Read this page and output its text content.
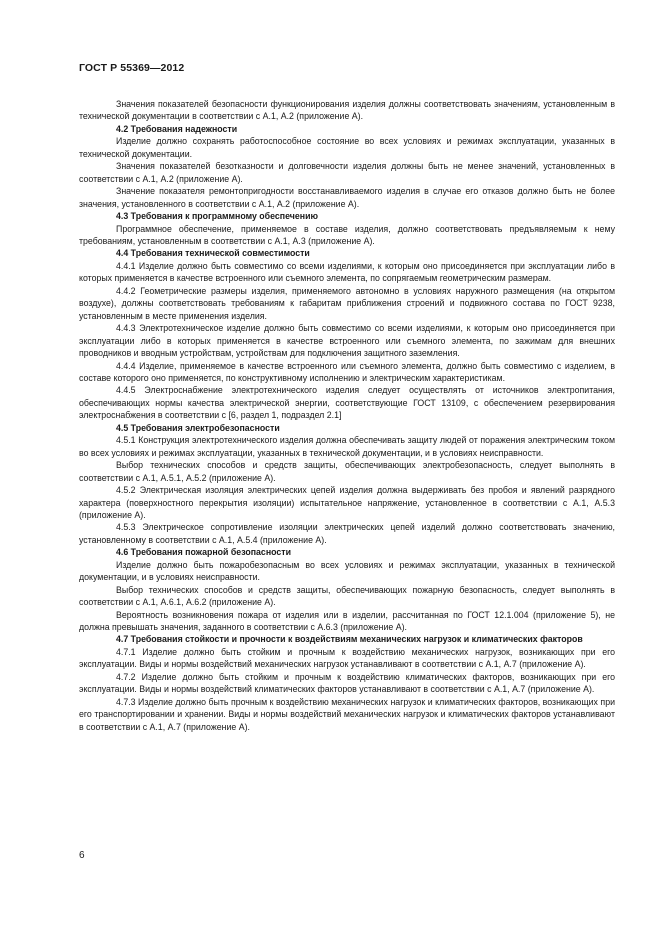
ГОСТ Р 55369—2012

Значения показателей безопасности функционирования изделия должны соответствовать значениям, установленным в технической документации в соответствии с А.1, А.2 (приложение А).

4.2 Требования надежности

Изделие должно сохранять работоспособное состояние во всех условиях и режимах эксплуатации, указанных в технической документации.

Значения показателей безотказности и долговечности изделия должны быть не менее значений, установленных в соответствии с А.1, А.2 (приложение А).

Значение показателя ремонтопригодности восстанавливаемого изделия в случае его отказов должно быть не более значения, установленного в соответствии с А.1, А.2 (приложение А).

4.3 Требования к программному обеспечению

Программное обеспечение, применяемое в составе изделия, должно соответствовать предъявляемым к нему требованиям, установленным в соответствии с А.1, А.3 (приложение А).

4.4 Требования технической совместимости

4.4.1 Изделие должно быть совместимо со всеми изделиями, к которым оно присоединяется при эксплуатации либо в которых применяется в качестве встроенного или съемного элемента, по сопрягаемым геометрическим размерам.

4.4.2 Геометрические размеры изделия, применяемого автономно в условиях наружного размещения (на открытом воздухе), должны соответствовать требованиям к габаритам приближения строений и подвижного состава по ГОСТ 9238, установленным в месте применения изделия.

4.4.3 Электротехническое изделие должно быть совместимо со всеми изделиями, к которым оно присоединяется при эксплуатации либо в которых применяется в качестве встроенного или съемного элемента, по зажимам для внешних проводников и вводным устройствам, устройствам для подключения защитного заземления.

4.4.4 Изделие, применяемое в качестве встроенного или съемного элемента, должно быть совместимо с изделием, в составе которого оно применяется, по конструктивному исполнению и электрическим характеристикам.

4.4.5 Электроснабжение электротехнического изделия следует осуществлять от источников электропитания, обеспечивающих нормы качества электрической энергии, соответствующие ГОСТ 13109, с обеспечением резервирования электроснабжения в соответствии с [6, раздел 1, подраздел 2.1]

4.5 Требования электробезопасности

4.5.1 Конструкция электротехнического изделия должна обеспечивать защиту людей от поражения электрическим током во всех условиях и режимах эксплуатации, указанных в технической документации, и в условиях неисправности.

Выбор технических способов и средств защиты, обеспечивающих электробезопасность, следует выполнять в соответствии с А.1, А.5.1, А.5.2 (приложение А).

4.5.2 Электрическая изоляция электрических цепей изделия должна выдерживать без пробоя и явлений разрядного характера (поверхностного перекрытия изоляции) испытательное напряжение, установленное в соответствии с А.1, А.5.3 (приложение А).

4.5.3 Электрическое сопротивление изоляции электрических цепей изделий должно соответствовать значению, установленному в соответствии с А.1, А.5.4 (приложение А).

4.6 Требования пожарной безопасности

Изделие должно быть пожаробезопасным во всех условиях и режимах эксплуатации, указанных в технической документации, и в условиях неисправности.

Выбор технических способов и средств защиты, обеспечивающих пожарную безопасность, следует выполнять в соответствии с А.1, А.6.1, А.6.2 (приложение А).

Вероятность возникновения пожара от изделия или в изделии, рассчитанная по ГОСТ 12.1.004 (приложение 5), не должна превышать значения, заданного в соответствии с А.6.3 (приложение А).

4.7 Требования стойкости и прочности к воздействиям механических нагрузок и климатических факторов

4.7.1 Изделие должно быть стойким и прочным к воздействию механических нагрузок, возникающих при его эксплуатации. Виды и нормы воздействий механических нагрузок устанавливают в соответствии с А.1, А.7 (приложение А).

4.7.2 Изделие должно быть стойким и прочным к воздействию климатических факторов, возникающих при его эксплуатации. Виды и нормы воздействий климатических факторов устанавливают в соответствии с А.1, А.7 (приложение А).

4.7.3 Изделие должно быть прочным к воздействию механических нагрузок и климатических факторов, возникающих при его транспортировании и хранении. Виды и нормы воздействий механических нагрузок и климатических факторов устанавливают в соответствии с А.1, А.7 (приложение А).

6
